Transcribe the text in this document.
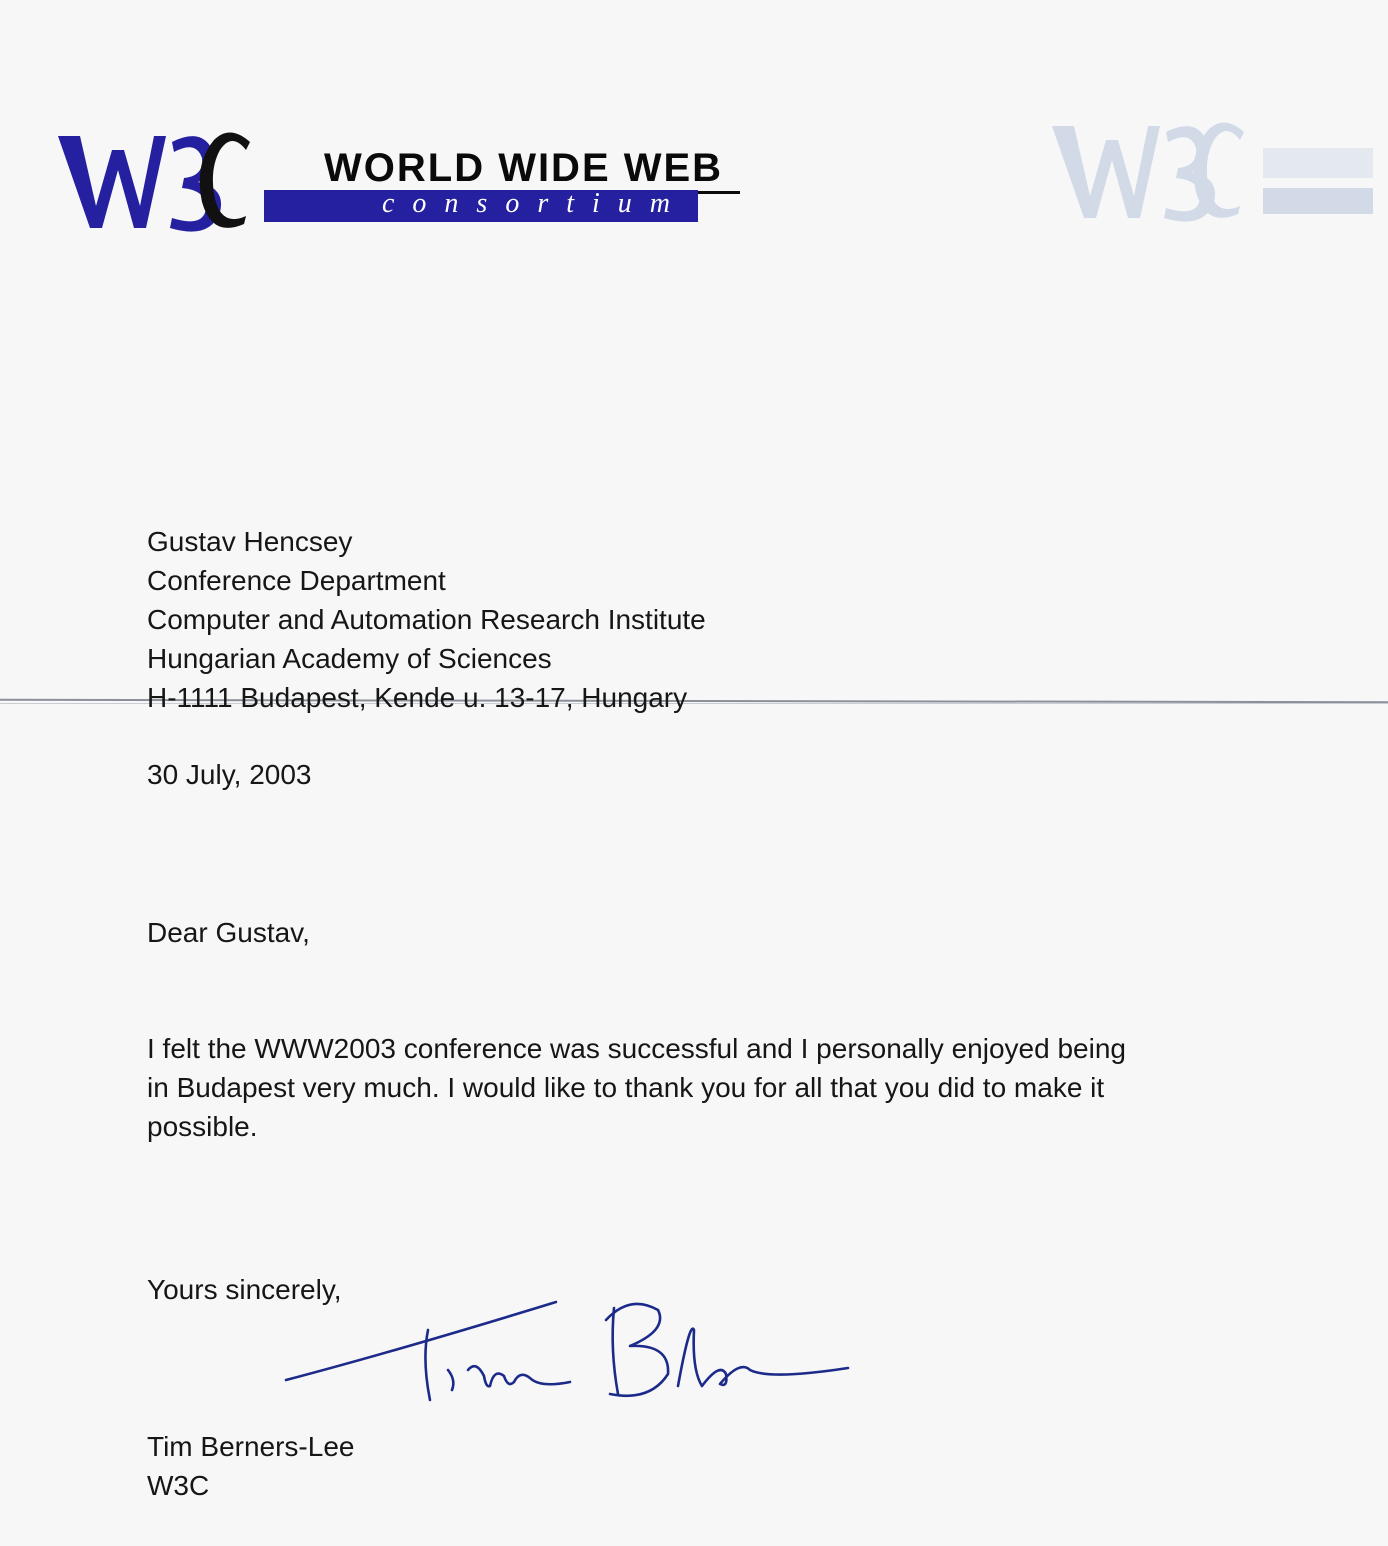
WORLD WIDE WEB
consortium
Gustav Hencsey
Conference Department
Computer and Automation Research Institute
Hungarian Academy of Sciences
H-1111 Budapest, Kende u. 13-17, Hungary
30 July, 2003
Dear Gustav,
I felt the WWW2003 conference was successful and I personally enjoyed being
in Budapest very much. I would like to thank you for all that you did to make it
possible.
Yours sincerely,
Tim Berners-Lee
W3C
